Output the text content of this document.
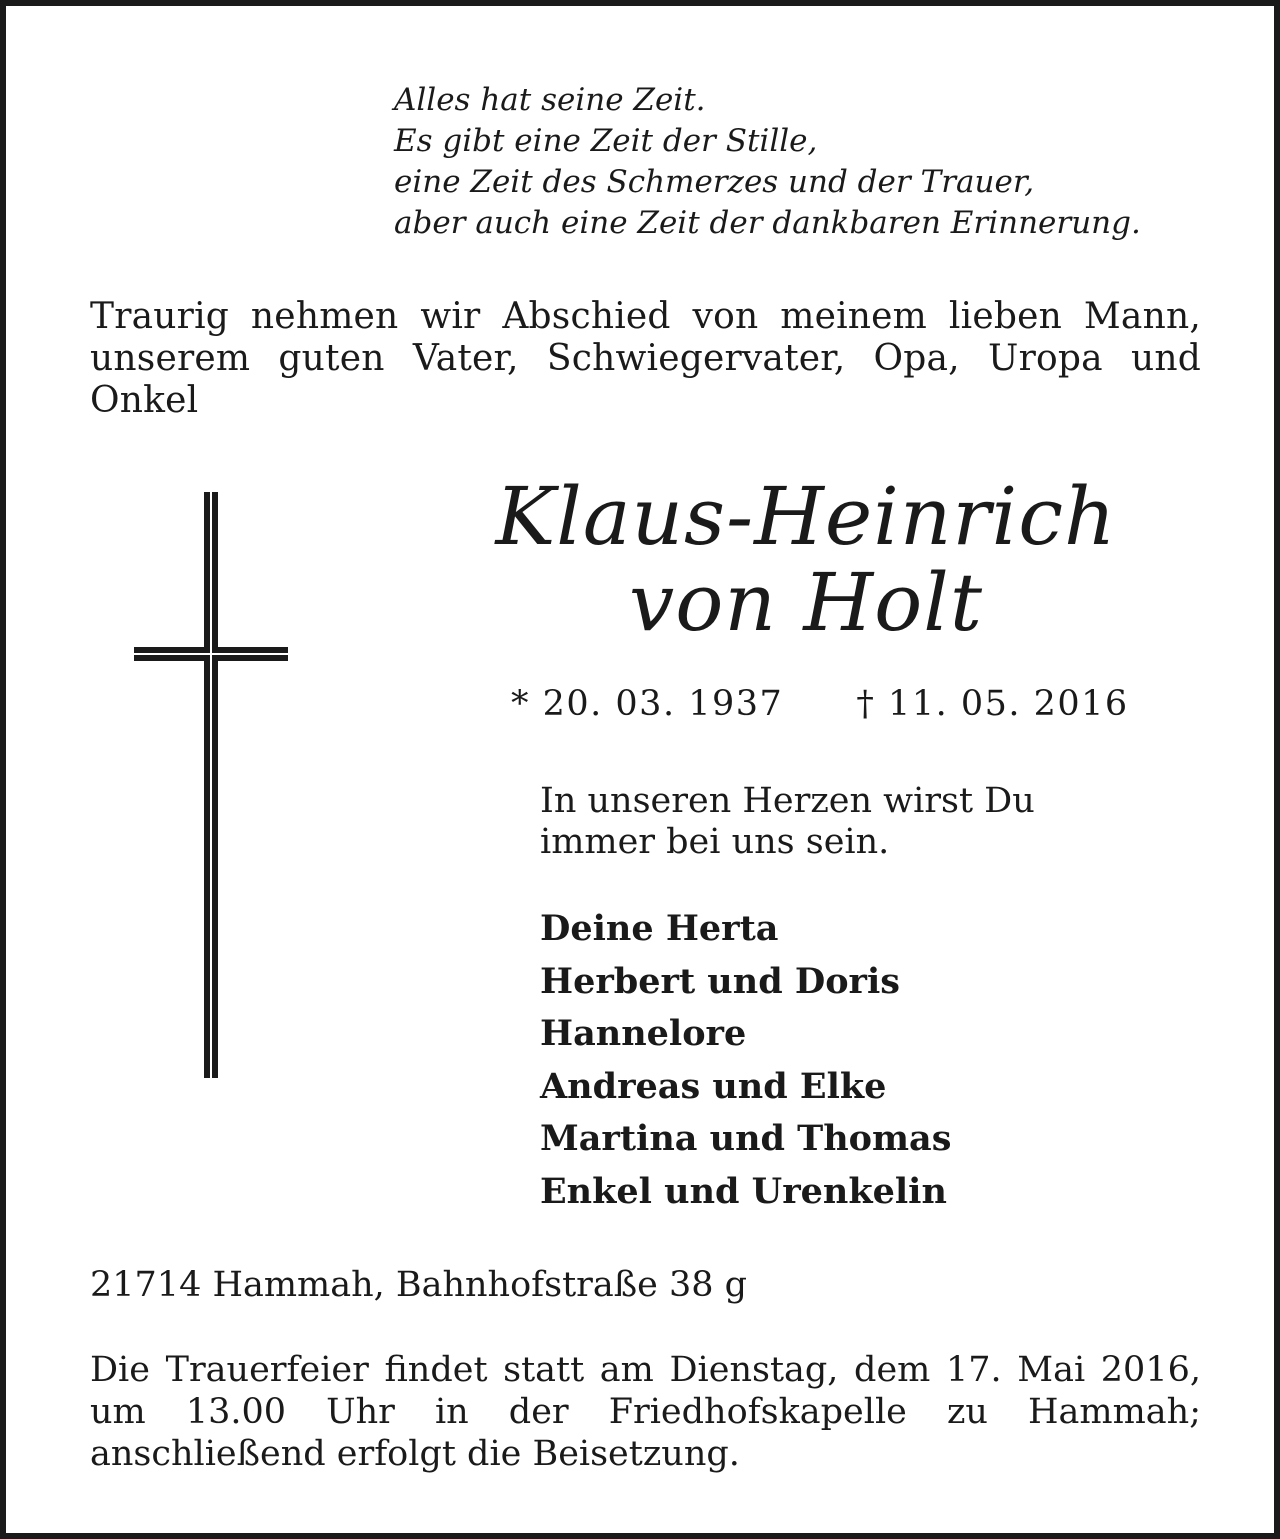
Alles hat seine Zeit.
Es gibt eine Zeit der Stille,
eine Zeit des Schmerzes und der Trauer,
aber auch eine Zeit der dankbaren Erinnerung.
Traurig nehmen wir Abschied von meinem lieben Mann, unserem guten Vater, Schwiegervater, Opa, Uropa und Onkel
Klaus-Heinrich
von Holt
* 20. 03. 1937 † 11. 05. 2016
In unseren Herzen wirst Du
immer bei uns sein.
Deine Herta
Herbert und Doris
Hannelore
Andreas und Elke
Martina und Thomas
Enkel und Urenkelin
21714 Hammah, Bahnhofstraße 38 g
Die Trauerfeier findet statt am Dienstag, dem 17. Mai 2016, um 13.00 Uhr in der Friedhofskapelle zu Hammah; anschließend erfolgt die Beisetzung.
